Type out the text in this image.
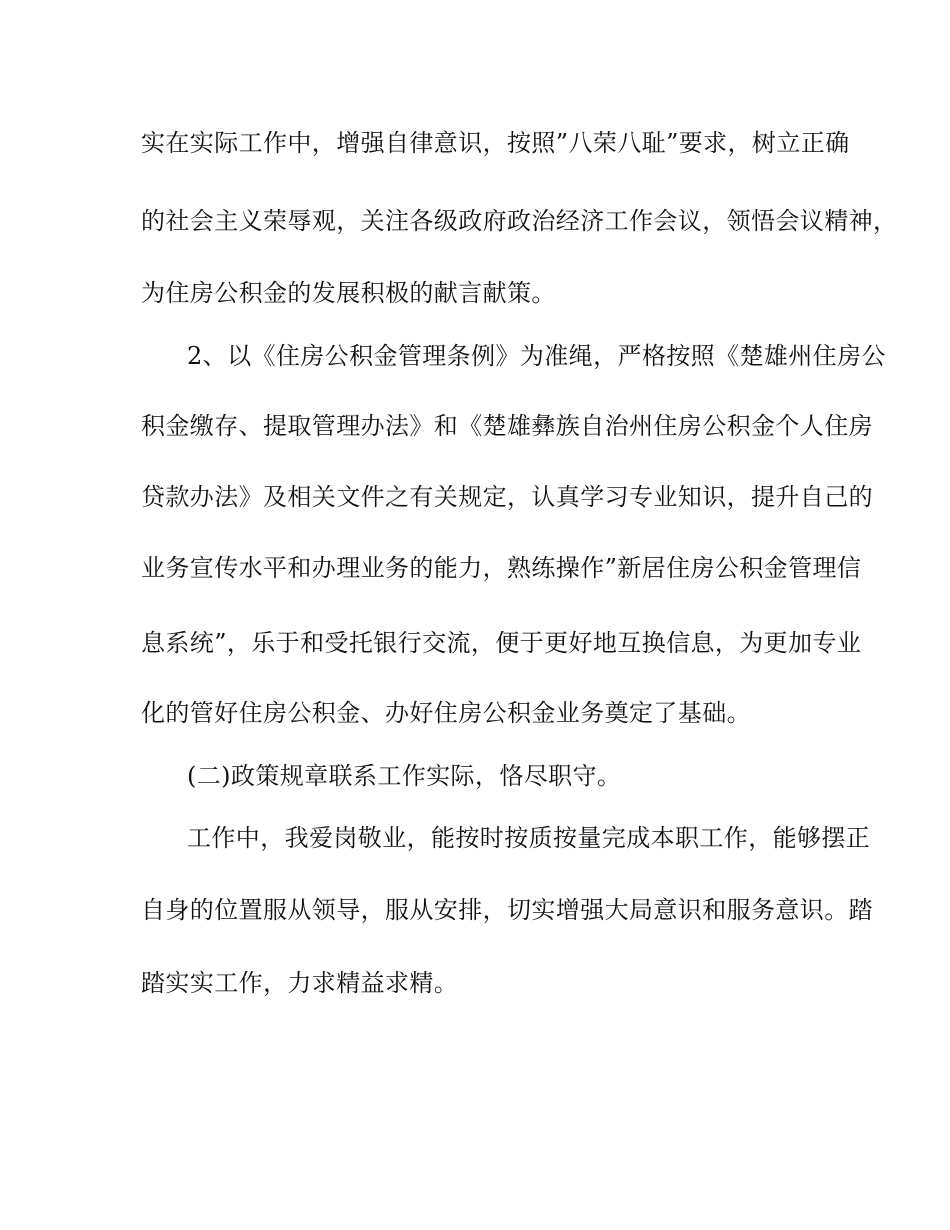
实在实际工作中，增强自律意识，按照”八荣八耻”要求，树立正确
的社会主义荣辱观，关注各级政府政治经济工作会议，领悟会议精神，
为住房公积金的发展积极的献言献策。
2、以《住房公积金管理条例》为准绳，严格按照《楚雄州住房公
积金缴存、提取管理办法》和《楚雄彝族自治州住房公积金个人住房
贷款办法》及相关文件之有关规定，认真学习专业知识，提升自己的
业务宣传水平和办理业务的能力，熟练操作”新居住房公积金管理信
息系统”，乐于和受托银行交流，便于更好地互换信息，为更加专业
化的管好住房公积金、办好住房公积金业务奠定了基础。
(二)政策规章联系工作实际，恪尽职守。
工作中，我爱岗敬业，能按时按质按量完成本职工作，能够摆正
自身的位置服从领导，服从安排，切实增强大局意识和服务意识。踏
踏实实工作，力求精益求精。
